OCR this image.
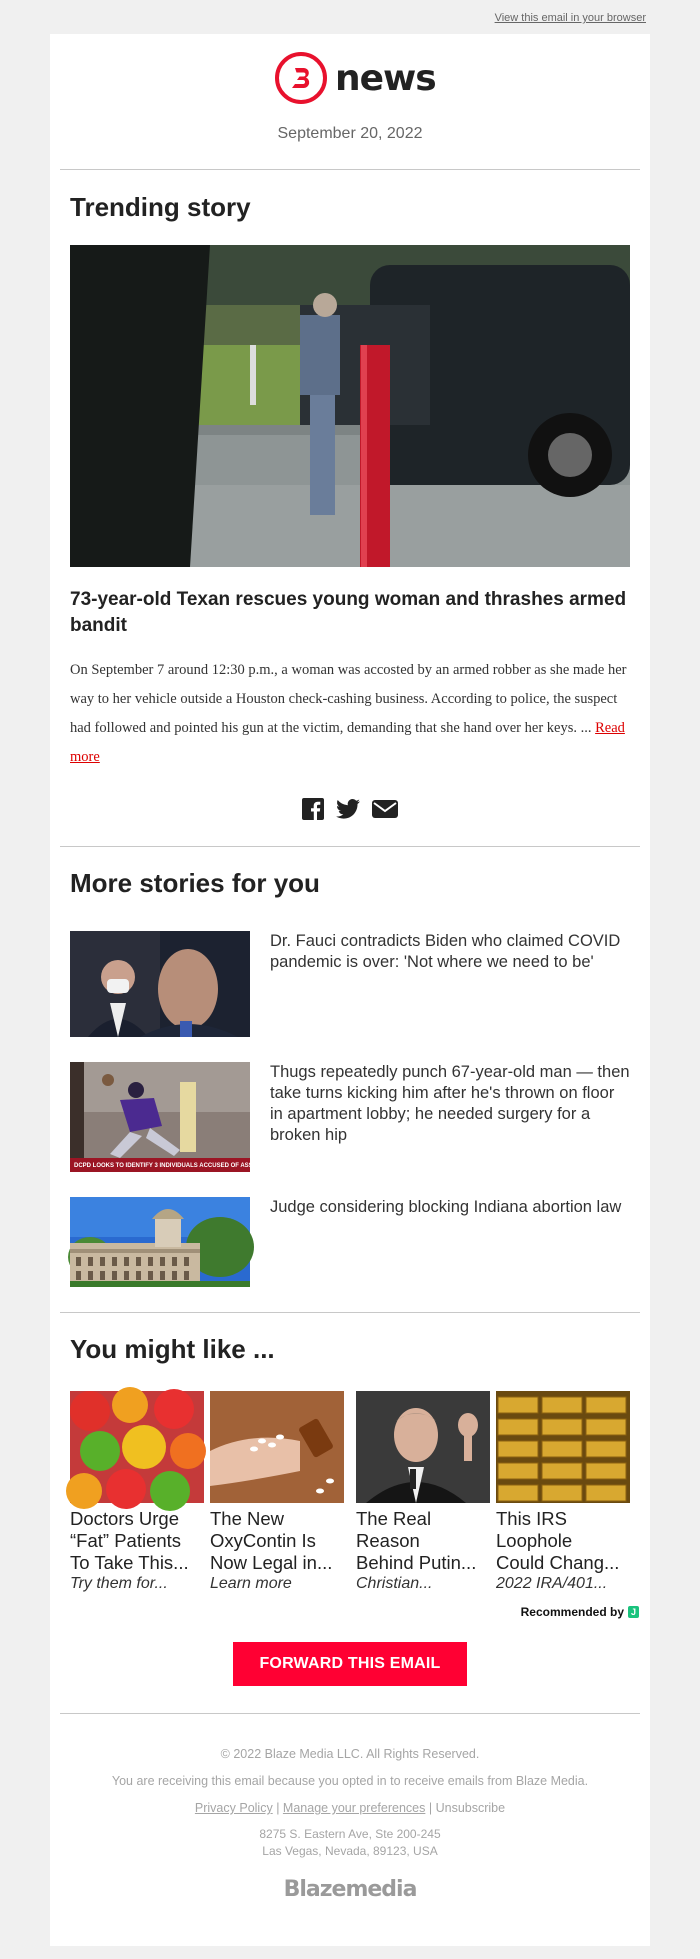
View this email in your browser
news
September 20, 2022
Trending story
73-year-old Texan rescues young woman and thrashes armed bandit
On September 7 around 12:30 p.m., a woman was accosted by an armed robber as she made her way to her vehicle outside a Houston check-cashing business. According to police, the suspect had followed and pointed his gun at the victim, demanding that she hand over her keys. ... Read more
More stories for you
Dr. Fauci contradicts Biden who claimed COVID pandemic is over: 'Not where we need to be'
DCPD LOOKS TO IDENTIFY 3 INDIVIDUALS ACCUSED OF ASSAULTING MAN
Thugs repeatedly punch 67-year-old man — then take turns kicking him after he's thrown on floor in apartment lobby; he needed surgery for a broken hip
Judge considering blocking Indiana abortion law
You might like ...
Doctors Urge
“Fat” Patients
To Take This...
Try them for...
The New
OxyContin Is
Now Legal in...
Learn more
The Real
Reason
Behind Putin...
Christian...
This IRS
Loophole
Could Chang...
2022 IRA/401...
Recommended by J
FORWARD THIS EMAIL
© 2022 Blaze Media LLC. All Rights Reserved.
You are receiving this email because you opted in to receive emails from Blaze Media.
Privacy Policy | Manage your preferences | Unsubscribe
8275 S. Eastern Ave, Ste 200-245
Las Vegas, Nevada, 89123, USA
Blazemedia
